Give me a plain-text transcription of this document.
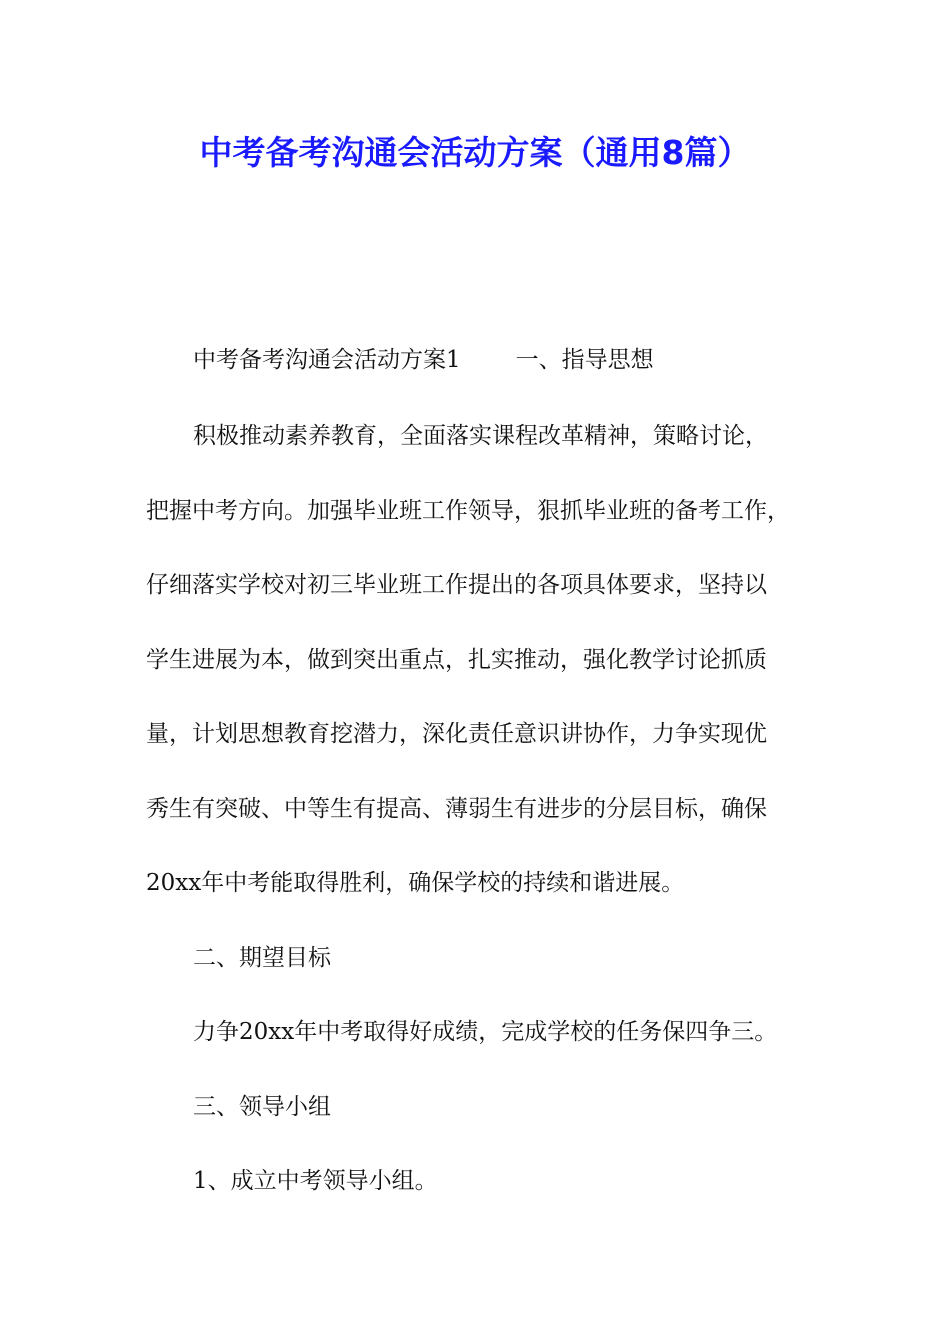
中考备考沟通会活动方案（通用8篇）
中考备考沟通会活动方案1 一、指导思想
积极推动素养教育，全面落实课程改革精神，策略讨论，
把握中考方向。加强毕业班工作领导，狠抓毕业班的备考工作，
仔细落实学校对初三毕业班工作提出的各项具体要求，坚持以
学生进展为本，做到突出重点，扎实推动，强化教学讨论抓质
量，计划思想教育挖潜力，深化责任意识讲协作，力争实现优
秀生有突破、中等生有提高、薄弱生有进步的分层目标，确保
20xx年中考能取得胜利，确保学校的持续和谐进展。
二、期望目标
力争20xx年中考取得好成绩，完成学校的任务保四争三。
三、领导小组
1、成立中考领导小组。
